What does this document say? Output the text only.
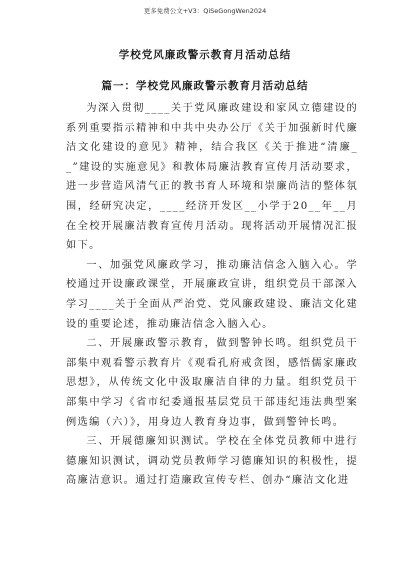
更多免费公文+V3：QiSeGongWen2024
学校党风廉政警示教育月活动总结
篇一：学校党风廉政警示教育月活动总结

为深入贯彻____关于党风廉政建设和家风立德建设的系列重要指示精神和中共中央办公厅《关于加强新时代廉洁文化建设的意见》精神，结合我区《关于推进“清廉_ _”建设的实施意见》和教体局廉洁教育宣传月活动要求，进一步营造风清气正的教书育人环境和崇廉尚洁的整体氛围，经研究决定，____经济开发区__小学于20__年__月在全校开展廉洁教育宣传月活动。现将活动开展情况汇报如下。

一、加强党风廉政学习，推动廉洁信念入脑入心。学校通过开设廉政课堂，开展廉政宣讲，组织党员干部深入学习____关于全面从严治党、党风廉政建设、廉洁文化建设的重要论述，推动廉洁信念入脑入心。

二、开展廉政警示教育，做到警钟长鸣。组织党员干部集中观看警示教育片《观看孔府戒贪图，感悟儒家廉政思想》，从传统文化中汲取廉洁自律的力量。组织党员干部集中学习《省市纪委通报基层党员干部违纪违法典型案例选编（六）》，用身边人教育身边事，做到警钟长鸣。

三、开展德廉知识测试。学校在全体党员教师中进行德廉知识测试，调动党员教师学习德廉知识的积极性，提高廉洁意识。通过打造廉政宣传专栏、创办“廉洁文化进
